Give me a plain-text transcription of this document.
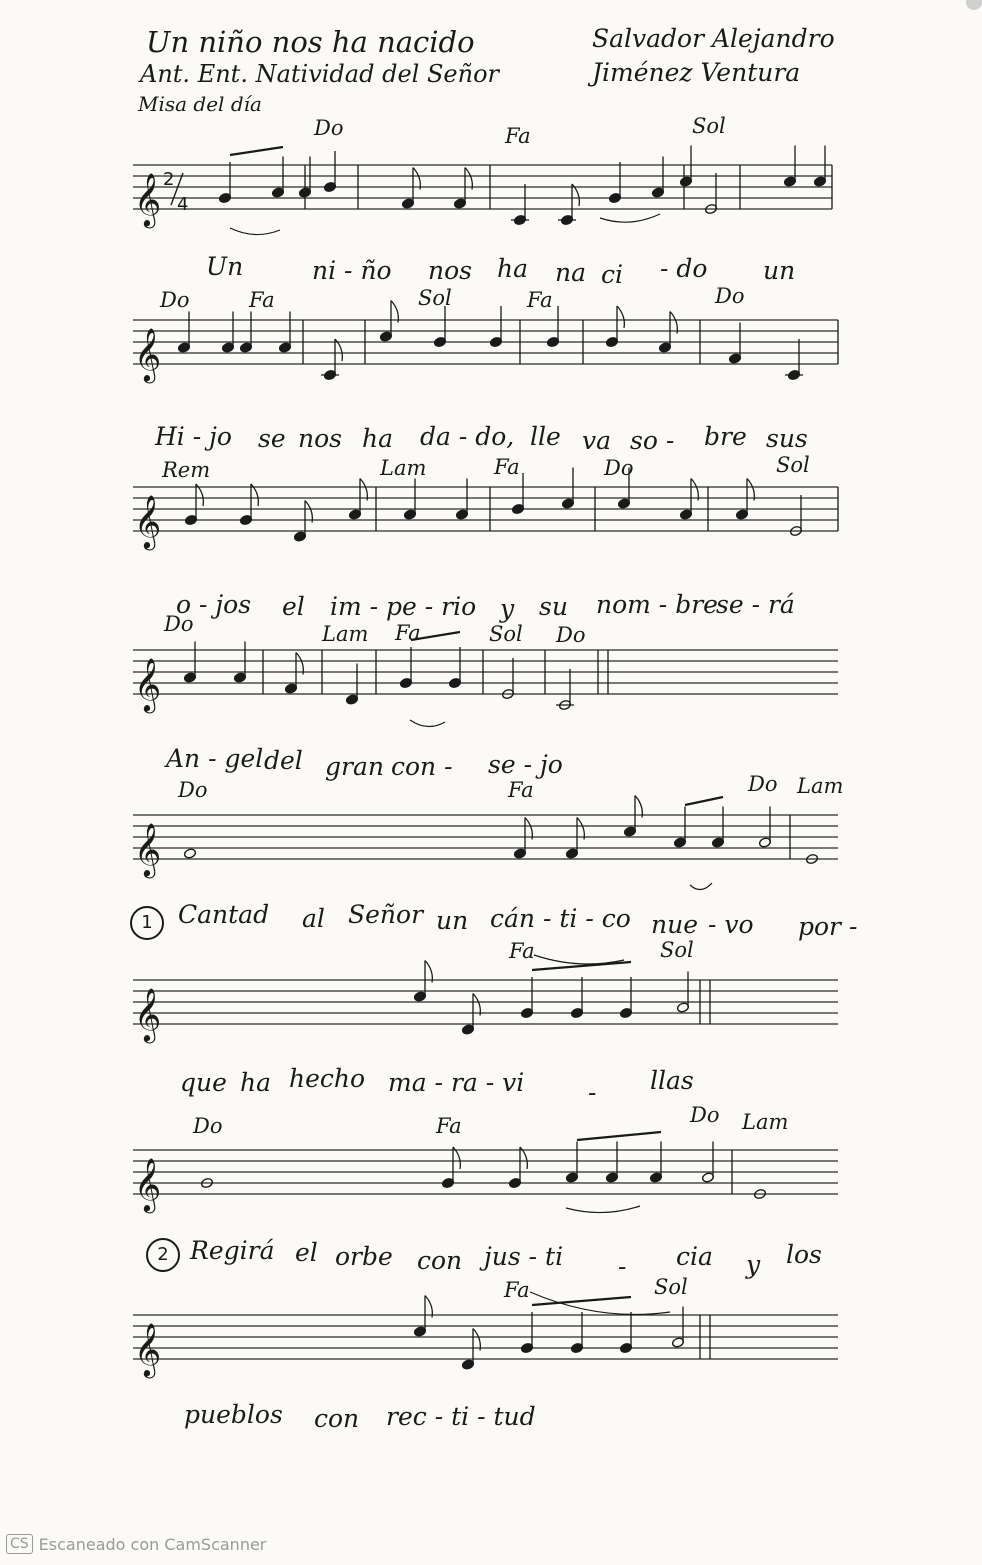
Un niño nos ha nacido
Ant. Ent. Natividad del Señor
Misa del día
Salvador Alejandro
Jiménez Ventura
Do	Fa	Sol
Do	Fa	Sol	Fa	Do
Rem	Lam	Fa	Do	Sol
Do	Lam Fa	Sol Do
Do	Fa	Do Lam
Fa	Sol
Do	Fa	Do Lam
Fa	Sol
Un	ni - ño nos ha na ci - do un
Hi - jo se nos ha da - do, lle va so - bre sus
o - jos el im - pe - rio y su nom - bre
se - rá
An - gel del gran con - se - jo
1	Cantad al Señor un cán - ti - co nue - vo por -
que ha hecho ma - ra - vi	- llas
2 Regirá el orbe con jus - ti - cia y los
pueblos con rec - ti - tud
𝄞 2
4
𝄞
𝄞
𝄞
𝄞
𝄞
𝄞
𝄞
CS Escaneado con CamScanner
